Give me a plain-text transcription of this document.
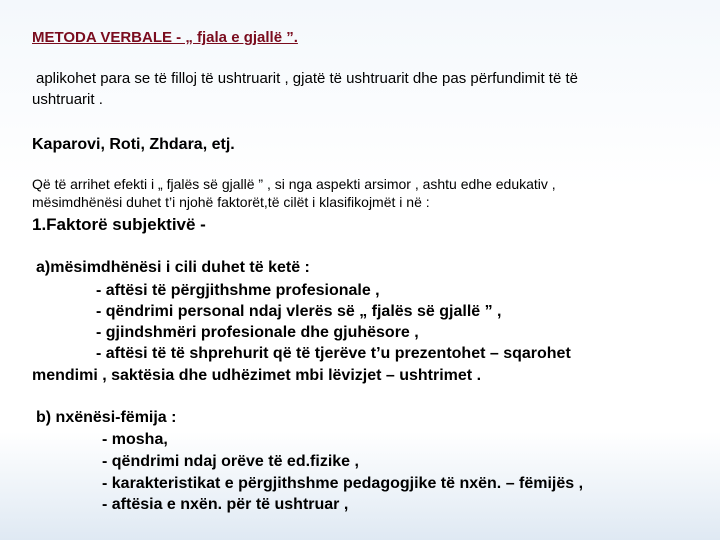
METODA VERBALE - „ fjala e gjallë ”.
aplikohet para se të filloj të ushtruarit , gjatë të ushtruarit dhe pas përfundimit të të
ushtruarit .
Kaparovi, Roti, Zhdara, etj.
Që të arrihet efekti i „ fjalës së gjallë ” , si nga aspekti arsimor , ashtu edhe edukativ ,
mësimdhënësi duhet t’i njohë faktorët,të cilët i klasifikojmët i në :
1.Faktorë subjektivë -
a)mësimdhënësi i cili duhet të ketë :
- aftësi të përgjithshme profesionale ,
- qëndrimi personal ndaj vlerës së „ fjalës së gjallë ” ,
- gjindshmëri profesionale dhe gjuhësore ,
- aftësi të të shprehurit që të tjerëve t’u prezentohet – sqarohet
mendimi , saktësia dhe udhëzimet mbi lëvizjet – ushtrimet .
b) nxënësi-fëmija :
- mosha,
- qëndrimi ndaj orëve të ed.fizike ,
- karakteristikat e përgjithshme pedagogjike të nxën. – fëmijës ,
- aftësia e nxën. për të ushtruar ,
